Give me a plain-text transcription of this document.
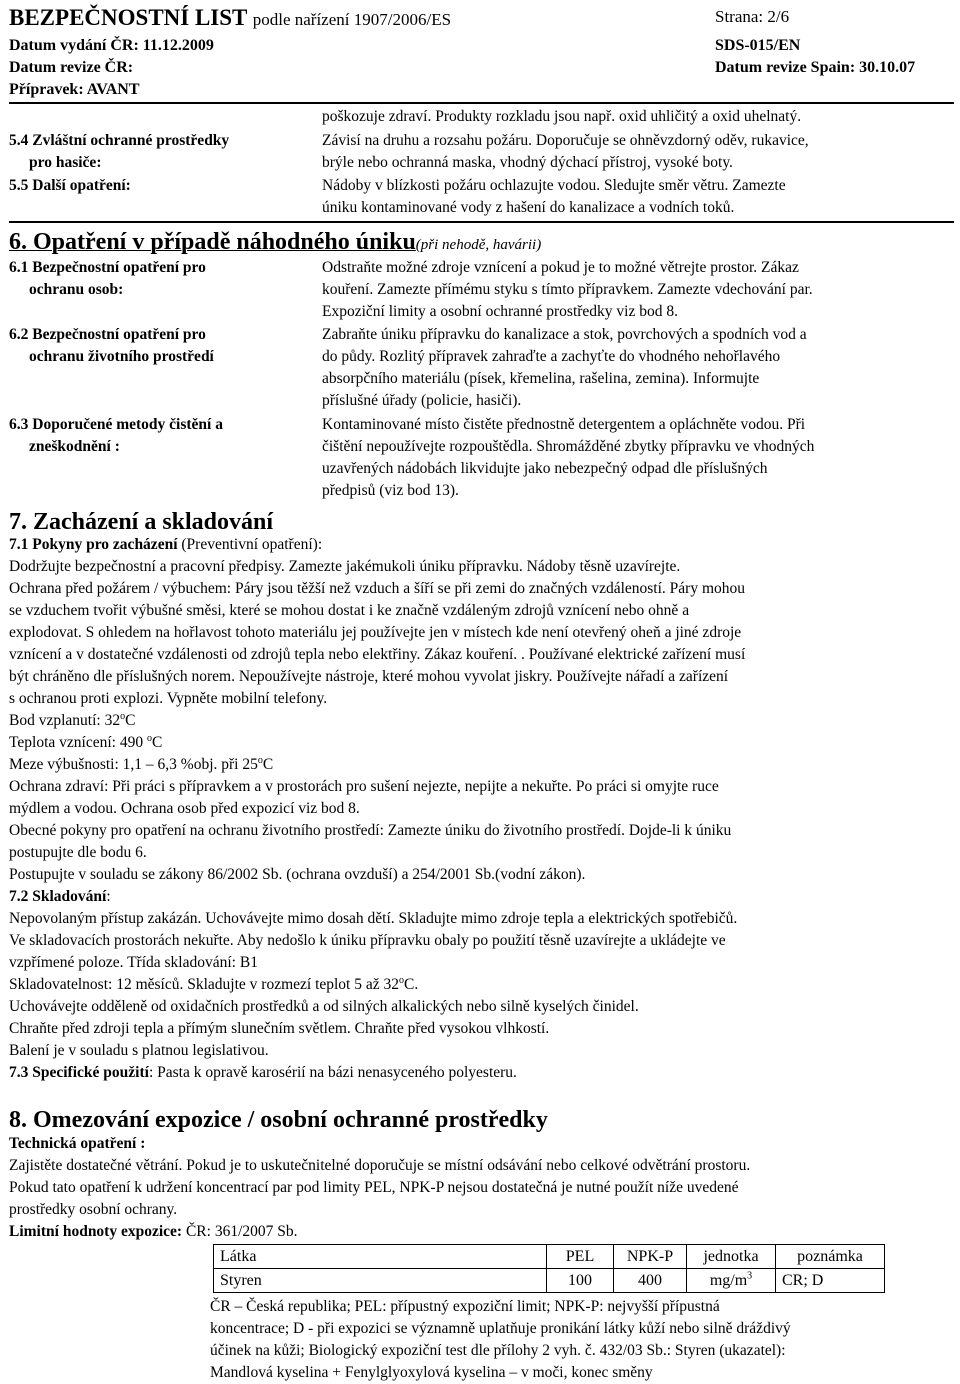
BEZPEČNOSTNÍ LIST podle nařízení 1907/2006/ES	Strana: 2/6
Datum vydání ČR: 11.12.2009
Datum revize ČR:
Přípravek: AVANT
SDS-015/EN
Datum revize Spain: 30.10.07
poškozuje zdraví. Produkty rozkladu jsou např. oxid uhličitý a oxid uhelnatý.
5.4 Zvláštní ochranné prostředky
pro hasiče:
Závisí na druhu a rozsahu požáru. Doporučuje se ohněvzdorný oděv, rukavice,
brýle nebo ochranná maska, vhodný dýchací přístroj, vysoké boty.
5.5 Další opatření:	Nádoby v blízkosti požáru ochlazujte vodou. Sledujte směr větru. Zamezte
úniku kontaminované vody z hašení do kanalizace a vodních toků.
6. Opatření v případě náhodného úniku(při nehodě, havárii)
6.1 Bezpečnostní opatření pro
ochranu osob:
Odstraňte možné zdroje vznícení a pokud je to možné větrejte prostor. Zákaz
kouření. Zamezte přímému styku s tímto přípravkem. Zamezte vdechování par.
Expoziční limity a osobní ochranné prostředky viz bod 8.
6.2 Bezpečnostní opatření pro
ochranu životního prostředí
Zabraňte úniku přípravku do kanalizace a stok, povrchových a spodních vod a
do půdy. Rozlitý přípravek zahraďte a zachyťte do vhodného nehořlavého
absorpčního materiálu (písek, křemelina, rašelina, zemina). Informujte
příslušné úřady (policie, hasiči).
6.3 Doporučené metody čistění a
zneškodnění :
Kontaminované místo čistěte přednostně detergentem a opláchněte vodou. Při
čištění nepoužívejte rozpouštědla. Shromážděné zbytky přípravku ve vhodných
uzavřených nádobách likvidujte jako nebezpečný odpad dle příslušných
předpisů (viz bod 13).
7. Zacházení a skladování
7.1 Pokyny pro zacházení (Preventivní opatření):

Dodržujte bezpečnostní a pracovní předpisy. Zamezte jakémukoli úniku přípravku. Nádoby těsně uzavírejte.

Ochrana před požárem / výbuchem: Páry jsou těžší než vzduch a šíří se při zemi do značných vzdáleností. Páry mohou

se vzduchem tvořit výbušné směsi, které se mohou dostat i ke značně vzdáleným zdrojů vznícení nebo ohně a

explodovat. S ohledem na hořlavost tohoto materiálu jej používejte jen v místech kde není otevřený oheň a jiné zdroje

vznícení a v dostatečné vzdálenosti od zdrojů tepla nebo elektřiny. Zákaz kouření. . Používané elektrické zařízení musí

být chráněno dle příslušných norem. Nepoužívejte nástroje, které mohou vyvolat jiskry. Používejte nářadí a zařízení

s ochranou proti explozi. Vypněte mobilní telefony.

Bod vzplanutí: 32$^o$C

Teplota vznícení: 490 $^o$C

Meze výbušnosti: 1,1 – 6,3 %obj. při 25$^o$C

Ochrana zdraví: Při práci s přípravkem a v prostorách pro sušení nejezte, nepijte a nekuřte. Po práci si omyjte ruce

mýdlem a vodou. Ochrana osob před expozicí viz bod 8.

Obecné pokyny pro opatření na ochranu životního prostředí: Zamezte úniku do životního prostředí. Dojde-li k úniku

postupujte dle bodu 6.

Postupujte v souladu se zákony 86/2002 Sb. (ochrana ovzduší) a 254/2001 Sb.(vodní zákon).

7.2 Skladování:

Nepovolaným přístup zakázán. Uchovávejte mimo dosah dětí. Skladujte mimo zdroje tepla a elektrických spotřebičů.

Ve skladovacích prostorách nekuřte. Aby nedošlo k úniku přípravku obaly po použití těsně uzavírejte a ukládejte ve

vzpřímené poloze. Třída skladování: B1

Skladovatelnost: 12 měsíců. Skladujte v rozmezí teplot 5 až 32$^o$C.

Uchovávejte odděleně od oxidačních prostředků a od silných alkalických nebo silně kyselých činidel.

Chraňte před zdroji tepla a přímým slunečním světlem. Chraňte před vysokou vlhkostí.

Balení je v souladu s platnou legislativou.

7.3 Specifické použití: Pasta k opravě karosérií na bázi nenasyceného polyesteru.

8. Omezování expozice / osobní ochranné prostředky

Technická opatření :

Zajistěte dostatečné větrání. Pokud je to uskutečnitelné doporučuje se místní odsávání nebo celkové odvětrání prostoru.

Pokud tato opatření k udržení koncentrací par pod limity PEL, NPK-P nejsou dostatečná je nutné použít níže uvedené

prostředky osobní ochrany.

Limitní hodnoty expozice: ČR: 361/2007 Sb.

Látka	PEL	NPK-P	jednotka	poznámka
Styren	100	400	$mg/m^3$	CR; D

ČR – Česká republika; PEL: přípustný expoziční limit; NPK-P: nejvyšší přípustná

koncentrace; D - při expozici se významně uplatňuje pronikání látky kůží nebo silně dráždivý

účinek na kůži; Biologický expoziční test dle přílohy 2 vyh. č. 432/03 Sb.: Styren (ukazatel):

Mandlová kyselina + Fenylglyoxylová kyselina – v moči, konec směny
